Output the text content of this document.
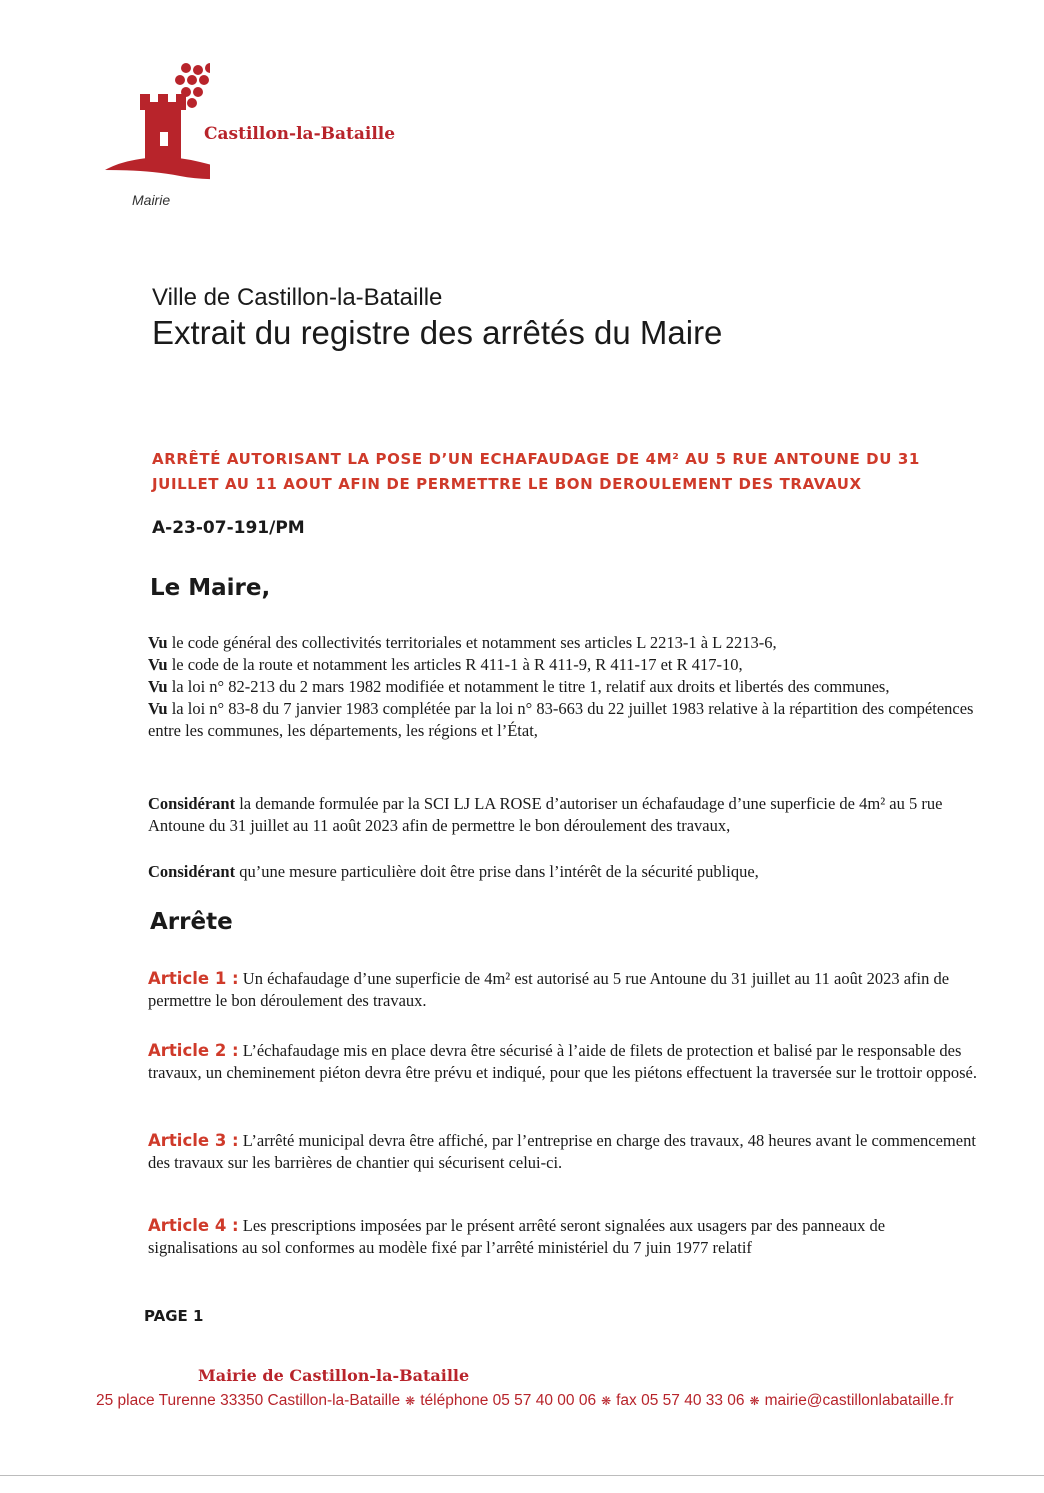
Castillon-la-Bataille
Mairie
Ville de Castillon-la-Bataille
Extrait du registre des arrêtés du Maire
ARRÊTÉ AUTORISANT LA POSE D’UN ECHAFAUDAGE DE 4M² AU 5 RUE ANTOUNE DU 31
JUILLET AU 11 AOUT AFIN DE PERMETTRE LE BON DEROULEMENT DES TRAVAUX
A-23-07-191/PM
Le Maire,
Vu le code général des collectivités territoriales et notamment ses articles L 2213-1 à L 2213-6,
Vu le code de la route et notamment les articles R 411-1 à R 411-9, R 411-17 et R 417-10,
Vu la loi n° 82-213 du 2 mars 1982 modifiée et notamment le titre 1, relatif aux droits et libertés des communes,
Vu la loi n° 83-8 du 7 janvier 1983 complétée par la loi n° 83-663 du 22 juillet 1983 relative à la répartition des compétences entre les communes, les départements, les régions et l’État,
Considérant la demande formulée par la SCI LJ LA ROSE d’autoriser un échafaudage d’une superficie de 4m² au 5 rue Antoune du 31 juillet au 11 août 2023 afin de permettre le bon déroulement des travaux,
Considérant qu’une mesure particulière doit être prise dans l’intérêt de la sécurité publique,
Arrête
Article 1 : Un échafaudage d’une superficie de 4m² est autorisé au 5 rue Antoune du 31 juillet au 11 août 2023 afin de permettre le bon déroulement des travaux.
Article 2 : L’échafaudage mis en place devra être sécurisé à l’aide de filets de protection et balisé par le responsable des travaux, un cheminement piéton devra être prévu et indiqué, pour que les piétons effectuent la traversée sur le trottoir opposé.
Article 3 : L’arrêté municipal devra être affiché, par l’entreprise en charge des travaux, 48 heures avant le commencement des travaux sur les barrières de chantier qui sécurisent celui-ci.
Article 4 : Les prescriptions imposées par le présent arrêté seront signalées aux usagers par des panneaux de signalisations au sol conformes au modèle fixé par l’arrêté ministériel du 7 juin 1977 relatif
PAGE 1
Mairie de Castillon-la-Bataille
25 place Turenne 33350 Castillon-la-Bataille ❋ téléphone 05 57 40 00 06 ❋ fax 05 57 40 33 06 ❋ mairie@castillonlabataille.fr
